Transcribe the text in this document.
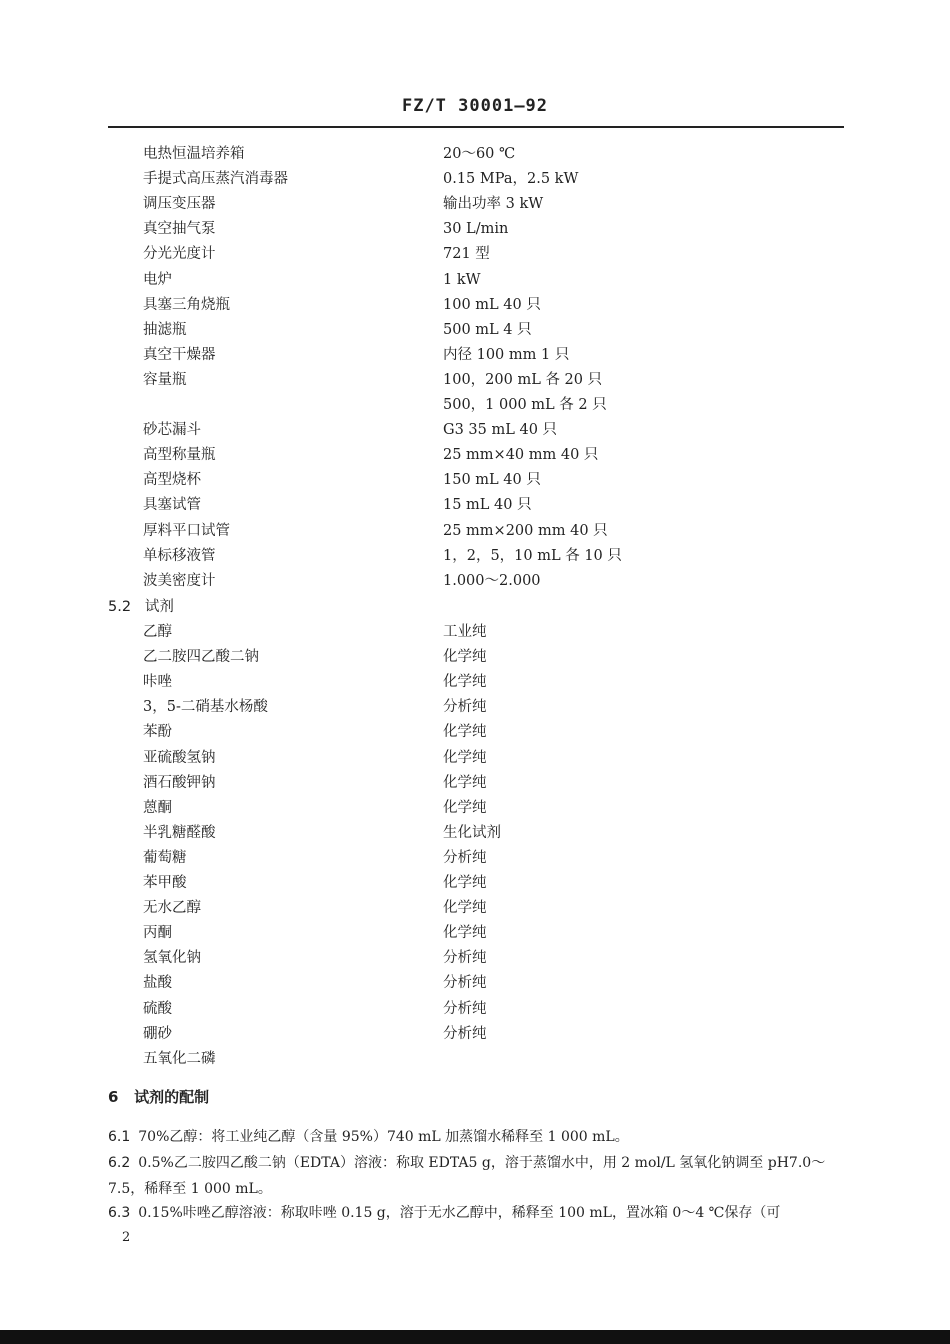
FZ/T 30001—92
电热恒温培养箱	20～60 ℃
手提式高压蒸汽消毒器	0.15 MPa，2.5 kW
调压变压器	输出功率 3 kW
真空抽气泵	30 L/min
分光光度计	721 型
电炉	1 kW
具塞三角烧瓶	100 mL 40 只
抽滤瓶	500 mL 4 只
真空干燥器	内径 100 mm 1 只
容量瓶	100，200 mL 各 20 只
500，1 000 mL 各 2 只
砂芯漏斗	G3 35 mL 40 只
高型称量瓶	25 mm×40 mm 40 只
高型烧杯	150 mL 40 只
具塞试管	15 mL 40 只
厚料平口试管	25 mm×200 mm 40 只
单标移液管	1，2，5，10 mL 各 10 只
波美密度计	1.000～2.000
5.2 试剂
乙醇	工业纯
乙二胺四乙酸二钠	化学纯
咔唑	化学纯
3，5-二硝基水杨酸	分析纯
苯酚	化学纯
亚硫酸氢钠	化学纯
酒石酸钾钠	化学纯
蒽酮	化学纯
半乳糖醛酸	生化试剂
葡萄糖	分析纯
苯甲酸	化学纯
无水乙醇	化学纯
丙酮	化学纯
氢氧化钠	分析纯
盐酸	分析纯
硫酸	分析纯
硼砂	分析纯
五氧化二磷
6 试剂的配制
6.1 70%乙醇：将工业纯乙醇（含量 95%）740 mL 加蒸馏水稀释至 1 000 mL。
6.2 0.5%乙二胺四乙酸二钠（EDTA）溶液：称取 EDTA5 g，溶于蒸馏水中，用 2 mol/L 氢氧化钠调至 pH7.0～7.5，稀释至 1 000 mL。
6.3 0.15%咔唑乙醇溶液：称取咔唑 0.15 g，溶于无水乙醇中，稀释至 100 mL，置冰箱 0～4 ℃保存（可
2
